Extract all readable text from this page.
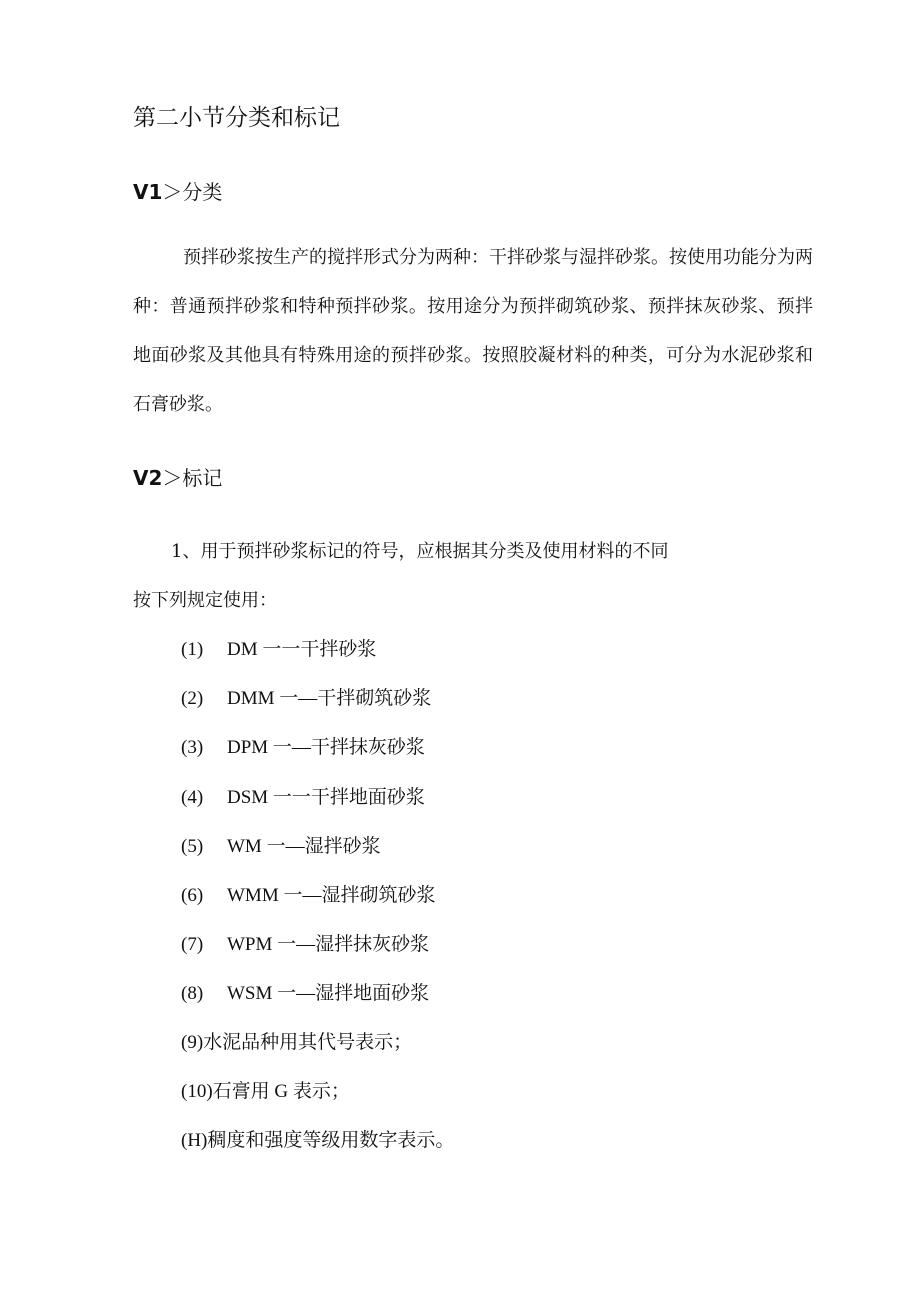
第二小节分类和标记
V1＞分类

预拌砂浆按生产的搅拌形式分为两种：干拌砂浆与湿拌砂浆。按使用功能分为两种：普通预拌砂浆和特种预拌砂浆。按用途分为预拌砌筑砂浆、预拌抹灰砂浆、预拌地面砂浆及其他具有特殊用途的预拌砂浆。按照胶凝材料的种类，可分为水泥砂浆和石膏砂浆。

V2＞标记
1、用于预拌砂浆标记的符号，应根据其分类及使用材料的不同
按下列规定使用：
(1) DM 一一干拌砂浆
(2) DMM 一—干拌砌筑砂浆
(3) DPM 一—干拌抹灰砂浆
(4) DSM 一一干拌地面砂浆
(5) WM 一—湿拌砂浆
(6) WMM 一—湿拌砌筑砂浆
(7) WPM 一—湿拌抹灰砂浆
(8) WSM 一—湿拌地面砂浆
(9)水泥品种用其代号表示；
(10)石膏用 G 表示；
(H)稠度和强度等级用数字表示。
